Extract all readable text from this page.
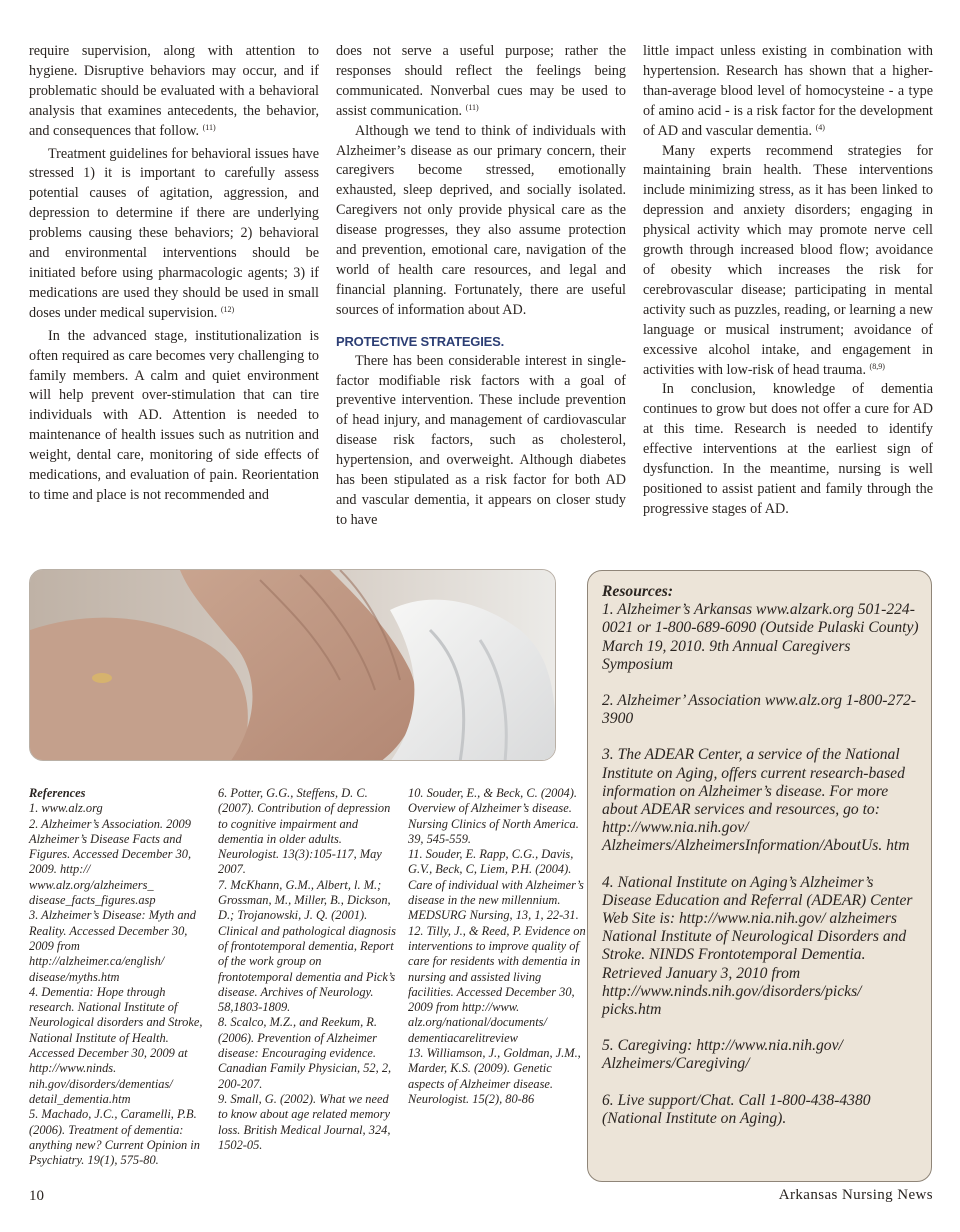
require supervision, along with attention to hygiene. Disruptive behaviors may occur, and if problematic should be evaluated with a behavioral analysis that examines antecedents, the behavior, and consequences that follow. $^{(11)}$

Treatment guidelines for behavioral issues have stressed 1) it is important to carefully assess potential causes of agitation, aggression, and depression to determine if there are underlying problems causing these behaviors; 2) behavioral and environmental interventions should be initiated before using pharmacologic agents; 3) if medications are used they should be used in small doses under medical supervision. $^{(12)}$

In the advanced stage, institutionalization is often required as care becomes very challenging to family members. A calm and quiet environment will help prevent over-stimulation that can tire individuals with AD. Attention is needed to maintenance of health issues such as nutrition and weight, dental care, monitoring of side effects of medications, and evaluation of pain. Reorientation to time and place is not recommended and

does not serve a useful purpose; rather the responses should reflect the feelings being communicated. Nonverbal cues may be used to assist communication. $^{(11)}$

Although we tend to think of individuals with Alzheimer’s disease as our primary concern, their caregivers become stressed, emotionally exhausted, sleep deprived, and socially isolated. Caregivers not only provide physical care as the disease progresses, they also assume protection and prevention, emotional care, navigation of the world of health care resources, and legal and financial planning. Fortunately, there are useful sources of information about AD.

PROTECTIVE STRATEGIES.

There has been considerable interest in single-factor modifiable risk factors with a goal of preventive intervention. These include prevention of head injury, and management of cardiovascular disease risk factors, such as cholesterol, hypertension, and overweight. Although diabetes has been stipulated as a risk factor for both AD and vascular dementia, it appears on closer study to have

little impact unless existing in combination with hypertension. Research has shown that a higher-than-average blood level of homocysteine - a type of amino acid - is a risk factor for the development of AD and vascular dementia. $^{(4)}$

Many experts recommend strategies for maintaining brain health. These interventions include minimizing stress, as it has been linked to depression and anxiety disorders; engaging in physical activity which may promote nerve cell growth through increased blood flow; avoidance of obesity which increases the risk for cerebrovascular disease; participating in mental activity such as puzzles, reading, or learning a new language or musical instrument; avoidance of excessive alcohol intake, and engagement in activities with low-risk of head trauma. $^{(8,9)}$

In conclusion, knowledge of dementia continues to grow but does not offer a cure for AD at this time. Research is needed to identify effective interventions at the earliest sign of dysfunction. In the meantime, nursing is well positioned to assist patient and family through the progressive stages of AD.

Resources:
1. Alzheimer’s Arkansas www.alzark.org 501-224-0021 or 1-800-689-6090 (Outside Pulaski County) March 19, 2010. 9th Annual Caregivers Symposium
2. Alzheimer’ Association www.alz.org 1-800-272-3900
3. The ADEAR Center, a service of the National Institute on Aging, offers current research-based information on Alzheimer’s disease. For more about ADEAR services and resources, go to: http://www.nia.nih.gov/ Alzheimers/AlzheimersInformation/AboutUs. htm
4. National Institute on Aging’s Alzheimer’s Disease Education and Referral (ADEAR) Center Web Site is: http://www.nia.nih.gov/ alzheimers National Institute of Neurological Disorders and Stroke. NINDS Frontotemporal Dementia. Retrieved January 3, 2010 from http://www.ninds.nih.gov/disorders/picks/ picks.htm
5. Caregiving: http://www.nia.nih.gov/ Alzheimers/Caregiving/
6. Live support/Chat. Call 1-800-438-4380 (National Institute on Aging).
References
1. www.alz.org
2. Alzheimer’s Association. 2009 Alzheimer’s Disease Facts and Figures. Accessed December 30, 2009. http:// www.alz.org/alzheimers_ disease_facts_figures.asp
3. Alzheimer’s Disease: Myth and Reality. Accessed December 30, 2009 from http://alzheimer.ca/english/ disease/myths.htm
4. Dementia: Hope through research. National Institute of Neurological disorders and Stroke, National Institute of Health. Accessed December 30, 2009 at http://www.ninds. nih.gov/disorders/dementias/ detail_dementia.htm
5. Machado, J.C., Caramelli, P.B. (2006). Treatment of dementia: anything new? Current Opinion in Psychiatry. 19(1), 575-80.
6. Potter, G.G., Steffens, D. C. (2007). Contribution of depression to cognitive impairment and dementia in older adults. Neurologist. 13(3):105-117, May 2007.
7. McKhann, G.M., Albert, l. M.; Grossman, M., Miller, B., Dickson, D.; Trojanowski, J. Q. (2001). Clinical and pathological diagnosis of frontotemporal dementia, Report of the work group on frontotemporal dementia and Pick’s disease. Archives of Neurology. 58,1803-1809.
8. Scalco, M.Z., and Reekum, R. (2006). Prevention of Alzheimer disease: Encouraging evidence. Canadian Family Physician, 52, 2, 200-207.
9. Small, G. (2002). What we need to know about age related memory loss. British Medical Journal, 324, 1502-05.
10. Souder, E., & Beck, C. (2004). Overview of Alzheimer’s disease. Nursing Clinics of North America. 39, 545-559.
11. Souder, E. Rapp, C.G., Davis, G.V., Beck, C, Liem, P.H. (2004). Care of individual with Alzheimer’s disease in the new millennium. MEDSURG Nursing, 13, 1, 22-31.
12. Tilly, J., & Reed, P. Evidence on interventions to improve quality of care for residents with dementia in nursing and assisted living facilities. Accessed December 30, 2009 from http://www. alz.org/national/documents/ dementiacarelitreview
13. Williamson, J., Goldman, J.M., Marder, K.S. (2009). Genetic aspects of Alzheimer disease. Neurologist. 15(2), 80-86
10	Arkansas Nursing News
